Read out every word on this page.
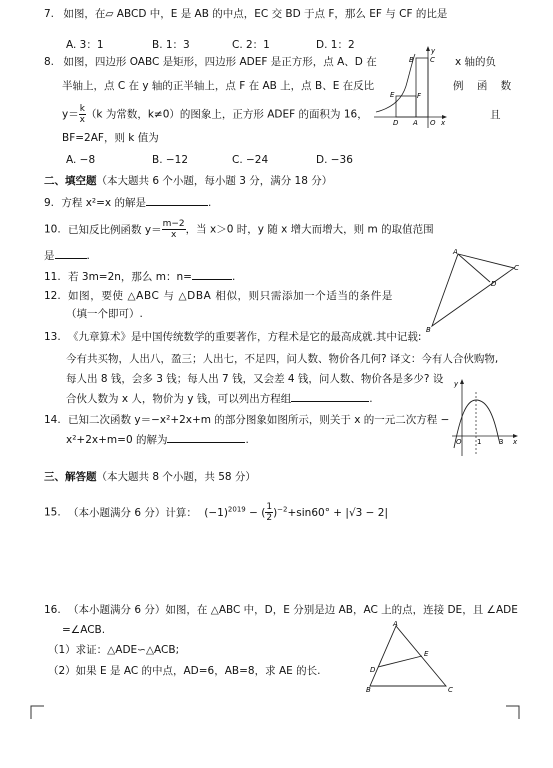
7. 如图，在▱ ABCD 中，E 是 AB 的中点，EC 交 BD 于点 F，那么 EF 与 CF 的比是
A. 3：1	B. 1：3	C. 2：1	D. 1：2
8. 如图，四边形 OABC 是矩形，四边形 ADEF 是正方形，点 A、D 在	x 轴的负
半轴上，点 C 在 y 轴的正半轴上，点 F 在 AB 上，点 B、E 在反比	例 函 数
$y= \frac{k}{x} (k$ 为常数，k≠0）的图象上，正方形 ADEF 的面积为 16，	且
BF=2AF，则 k 值为
A. −8	B. −12	C. −24	D. −36
y
B C
E	F
D A O x
二、填空题（本大题共 6 个小题，每小题 3 分，满分 18 分）
9. 方程 x²=x 的解是	.
10. 已知反比例函数 $y= \frac{m-2}{x}$ ，当 x＞0 时，y 随 x 增大而增大，则 m 的取值范围
是	.
11. 若 3m=2n，那么 m：n=	.
12. 如图，要使 △ABC 与 △DBA 相似，则只需添加一个适当的条件是
（填一个即可）.
A
C
D
B
13. 《九章算术》是中国传统数学的重要著作，方程术是它的最高成就.其中记载:
今有共买物，人出八，盈三；人出七，不足四，问人数、物价各几何? 译文：今有人合伙购物,
每人出 8 钱，会多 3 钱；每人出 7 钱，又会差 4 钱，问人数、物价各是多少? 设
合伙人数为 x 人，物价为 y 钱，可以列出方程组	.
14. 已知二次函数 y＝−x²+2x+m 的部分图象如图所示，则关于 x 的一元二次方程 −
x²+2x+m=0 的解为	.
y
O 1	3 x
三、解答题（本大题共 8 个小题，共 58 分）
15. （本小题满分 6 分）计算： $(-1)^{2019}$ − ( $\frac{1}{2} )^{-2}+\sin 60^\circ + |√3 - 2|$
16. （本小题满分 6 分）如图，在 △ABC 中，D，E 分别是边 AB，AC 上的点，连接 DE，且 ∠ADE
=∠ACB.
（1）求证：△ADE∽△ACB;
（2）如果 E 是 AC 的中点，AD=6，AB=8，求 AE 的长.
A
E
D
B	C
